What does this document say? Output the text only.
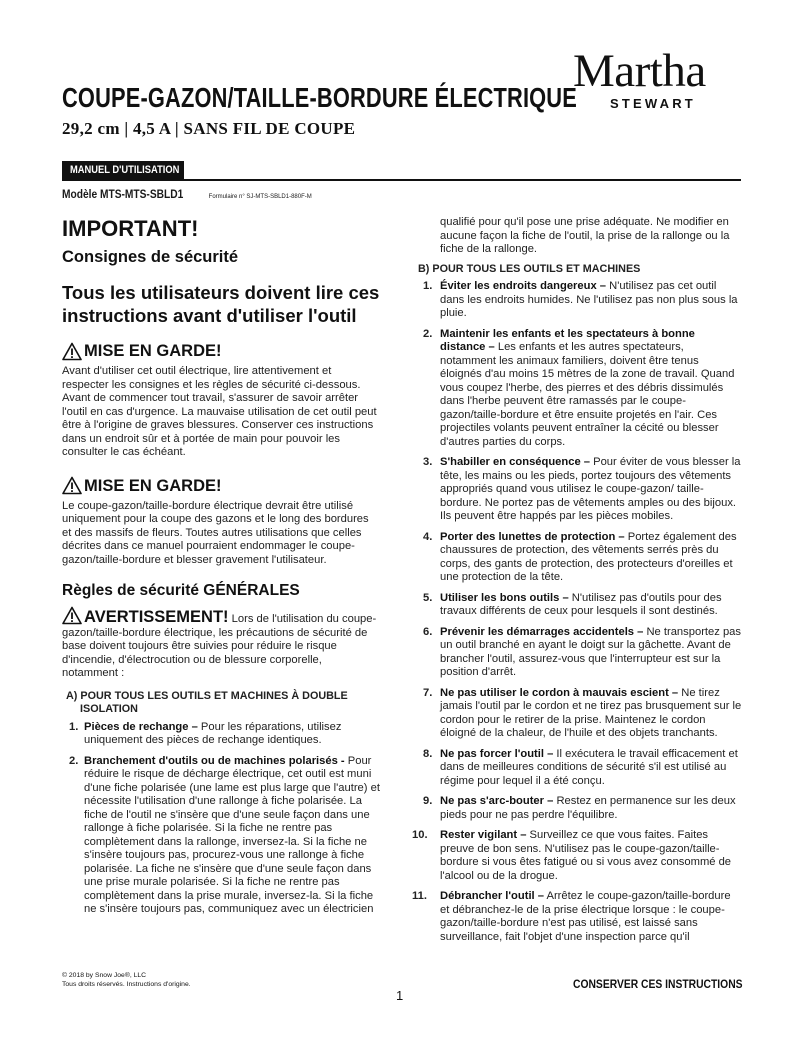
COUPE-GAZON/TAILLE-BORDURE ÉLECTRIQUE
29,2 cm | 4,5 A | SANS FIL DE COUPE
Martha
STEWART
MANUEL D'UTILISATION
Modèle MTS-MTS-SBLD1	Formulaire n° SJ-MTS-SBLD1-880F-M
IMPORTANT!
Consignes de sécurité
Tous les utilisateurs doivent lire ces instructions avant d'utiliser l'outil
MISE EN GARDE!

Avant d'utiliser cet outil électrique, lire attentivement et respecter les consignes et les règles de sécurité ci-dessous. Avant de commencer tout travail, s'assurer de savoir arrêter l'outil en cas d'urgence. La mauvaise utilisation de cet outil peut être à l'origine de graves blessures. Conserver ces instructions dans un endroit sûr et à portée de main pour pouvoir les consulter le cas échéant.

MISE EN GARDE!

Le coupe-gazon/taille-bordure électrique devrait être utilisé uniquement pour la coupe des gazons et le long des bordures et des massifs de fleurs. Toutes autres utilisations que celles décrites dans ce manuel pourraient endommager le coupe-gazon/taille-bordure et blesser gravement l'utilisateur.

Règles de sécurité GÉNÉRALES

AVERTISSEMENT! Lors de l'utilisation du coupe-gazon/taille-bordure électrique, les précautions de sécurité de base doivent toujours être suivies pour réduire le risque d'incendie, d'électrocution ou de blessure corporelle, notamment :

A) POUR TOUS LES OUTILS ET MACHINES À DOUBLE ISOLATION
1. Pièces de rechange – Pour les réparations, utilisez uniquement des pièces de rechange identiques.
2. Branchement d'outils ou de machines polarisés - Pour réduire le risque de décharge électrique, cet outil est muni d'une fiche polarisée (une lame est plus large que l'autre) et nécessite l'utilisation d'une rallonge à fiche polarisée. La fiche de l'outil ne s'insère que d'une seule façon dans une rallonge à fiche polarisée. Si la fiche ne rentre pas complètement dans la rallonge, inversez-la. Si la fiche ne s'insère toujours pas, procurez-vous une rallonge à fiche polarisée. La fiche ne s'insère que d'une seule façon dans une prise murale polarisée. Si la fiche ne rentre pas complètement dans la prise murale, inversez-la. Si la fiche ne s'insère toujours pas, communiquez avec un électricien

qualifié pour qu'il pose une prise adéquate. Ne modifier en aucune façon la fiche de l'outil, la prise de la rallonge ou la fiche de la rallonge.

B) POUR TOUS LES OUTILS ET MACHINES
1. Éviter les endroits dangereux – N'utilisez pas cet outil dans les endroits humides. Ne l'utilisez pas non plus sous la pluie.
2. Maintenir les enfants et les spectateurs à bonne distance – Les enfants et les autres spectateurs, notamment les animaux familiers, doivent être tenus éloignés d'au moins 15 mètres de la zone de travail. Quand vous coupez l'herbe, des pierres et des débris dissimulés dans l'herbe peuvent être ramassés par le coupe-gazon/taille-bordure et être ensuite projetés en l'air. Ces projectiles volants peuvent entraîner la cécité ou blesser d'autres parties du corps.
3. S'habiller en conséquence – Pour éviter de vous blesser la tête, les mains ou les pieds, portez toujours des vêtements appropriés quand vous utilisez le coupe-gazon/ taille-bordure. Ne portez pas de vêtements amples ou des bijoux. Ils peuvent être happés par les pièces mobiles.
4. Porter des lunettes de protection – Portez également des chaussures de protection, des vêtements serrés près du corps, des gants de protection, des protecteurs d'oreilles et une protection de la tête.
5. Utiliser les bons outils – N'utilisez pas d'outils pour des travaux différents de ceux pour lesquels il sont destinés.
6. Prévenir les démarrages accidentels – Ne transportez pas un outil branché en ayant le doigt sur la gâchette. Avant de brancher l'outil, assurez-vous que l'interrupteur est sur la position d'arrêt.
7. Ne pas utiliser le cordon à mauvais escient – Ne tirez jamais l'outil par le cordon et ne tirez pas brusquement sur le cordon pour le retirer de la prise. Maintenez le cordon éloigné de la chaleur, de l'huile et des objets tranchants.
8. Ne pas forcer l'outil – Il exécutera le travail efficacement et dans de meilleures conditions de sécurité s'il est utilisé au régime pour lequel il a été conçu.
9. Ne pas s'arc-bouter – Restez en permanence sur les deux pieds pour ne pas perdre l'équilibre.
10. Rester vigilant – Surveillez ce que vous faites. Faites preuve de bon sens. N'utilisez pas le coupe-gazon/taille-bordure si vous êtes fatigué ou si vous avez consommé de l'alcool ou de la drogue.
11. Débrancher l'outil – Arrêtez le coupe-gazon/taille-bordure et débranchez-le de la prise électrique lorsque : le coupe-gazon/taille-bordure n'est pas utilisé, est laissé sans surveillance, fait l'objet d'une inspection parce qu'il
© 2018 by Snow Joe®, LLC
Tous droits réservés. Instructions d'origine.
1
CONSERVER CES INSTRUCTIONS
